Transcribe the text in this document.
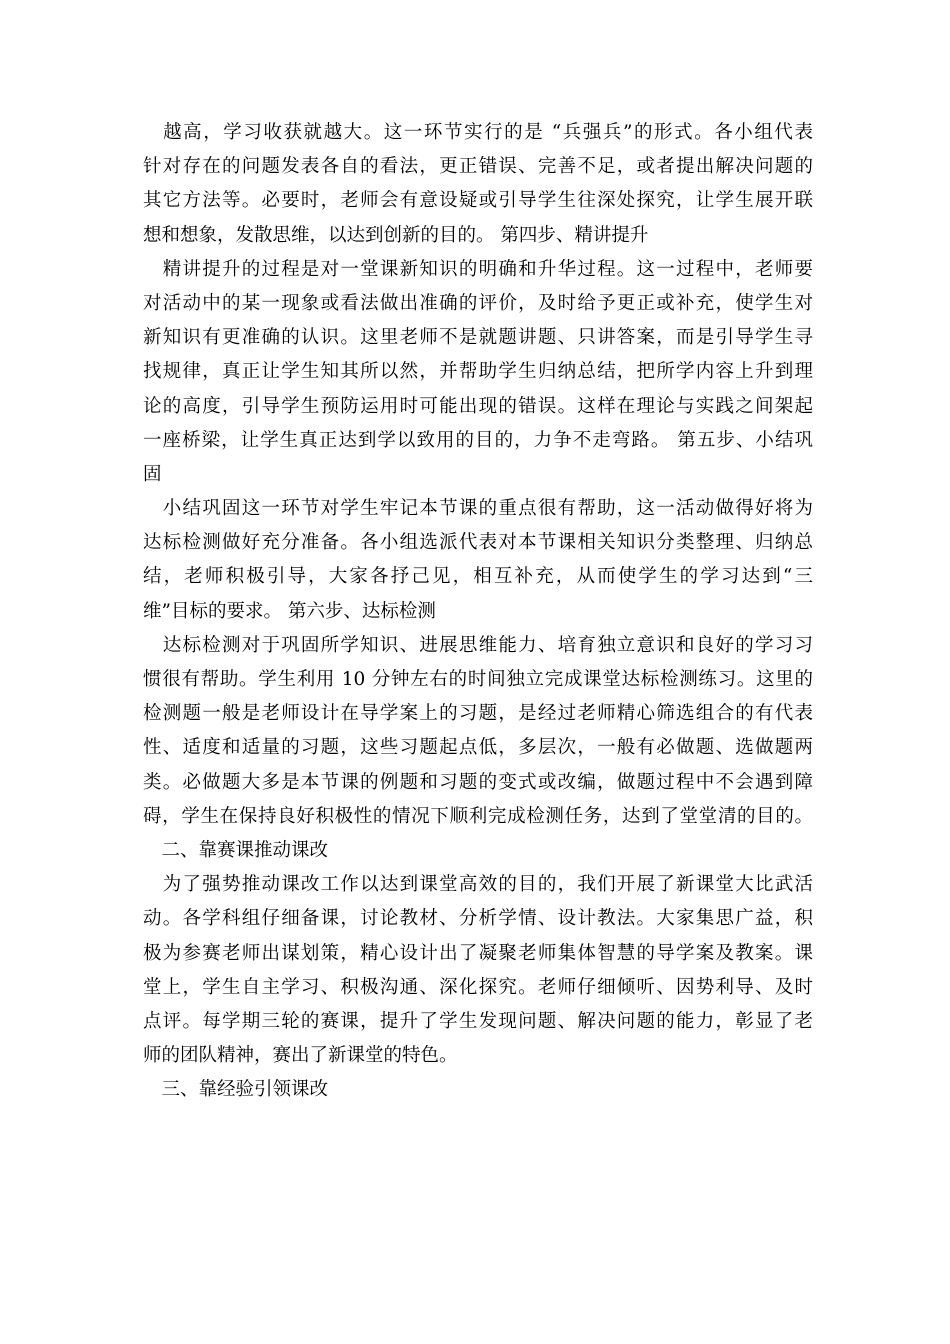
　越高，学习收获就越大。这一环节实行的是 “兵强兵”的形式。各小组代表
针对存在的问题发表各自的看法，更正错误、完善不足，或者提出解决问题的
其它方法等。必要时，老师会有意设疑或引导学生往深处探究，让学生展开联
想和想象，发散思维，以达到创新的目的。 第四步、精讲提升
　精讲提升的过程是对一堂课新知识的明确和升华过程。这一过程中，老师要
对活动中的某一现象或看法做出准确的评价，及时给予更正或补充，使学生对
新知识有更准确的认识。这里老师不是就题讲题、只讲答案，而是引导学生寻
找规律，真正让学生知其所以然，并帮助学生归纳总结，把所学内容上升到理
论的高度，引导学生预防运用时可能出现的错误。这样在理论与实践之间架起
一座桥梁，让学生真正达到学以致用的目的，力争不走弯路。 第五步、小结巩
固
　小结巩固这一环节对学生牢记本节课的重点很有帮助，这一活动做得好将为
达标检测做好充分准备。各小组选派代表对本节课相关知识分类整理、归纳总
结，老师积极引导，大家各抒己见，相互补充，从而使学生的学习达到“三
维”目标的要求。 第六步、达标检测
　达标检测对于巩固所学知识、进展思维能力、培育独立意识和良好的学习习
惯很有帮助。学生利用 10 分钟左右的时间独立完成课堂达标检测练习。这里的
检测题一般是老师设计在导学案上的习题，是经过老师精心筛选组合的有代表
性、适度和适量的习题，这些习题起点低，多层次，一般有必做题、选做题两
类。必做题大多是本节课的例题和习题的变式或改编，做题过程中不会遇到障
碍，学生在保持良好积极性的情况下顺利完成检测任务，达到了堂堂清的目的。
　二、靠赛课推动课改
　为了强势推动课改工作以达到课堂高效的目的，我们开展了新课堂大比武活
动。各学科组仔细备课，讨论教材、分析学情、设计教法。大家集思广益，积
极为参赛老师出谋划策，精心设计出了凝聚老师集体智慧的导学案及教案。课
堂上，学生自主学习、积极沟通、深化探究。老师仔细倾听、因势利导、及时
点评。每学期三轮的赛课，提升了学生发现问题、解决问题的能力，彰显了老
师的团队精神，赛出了新课堂的特色。
　三、靠经验引领课改
